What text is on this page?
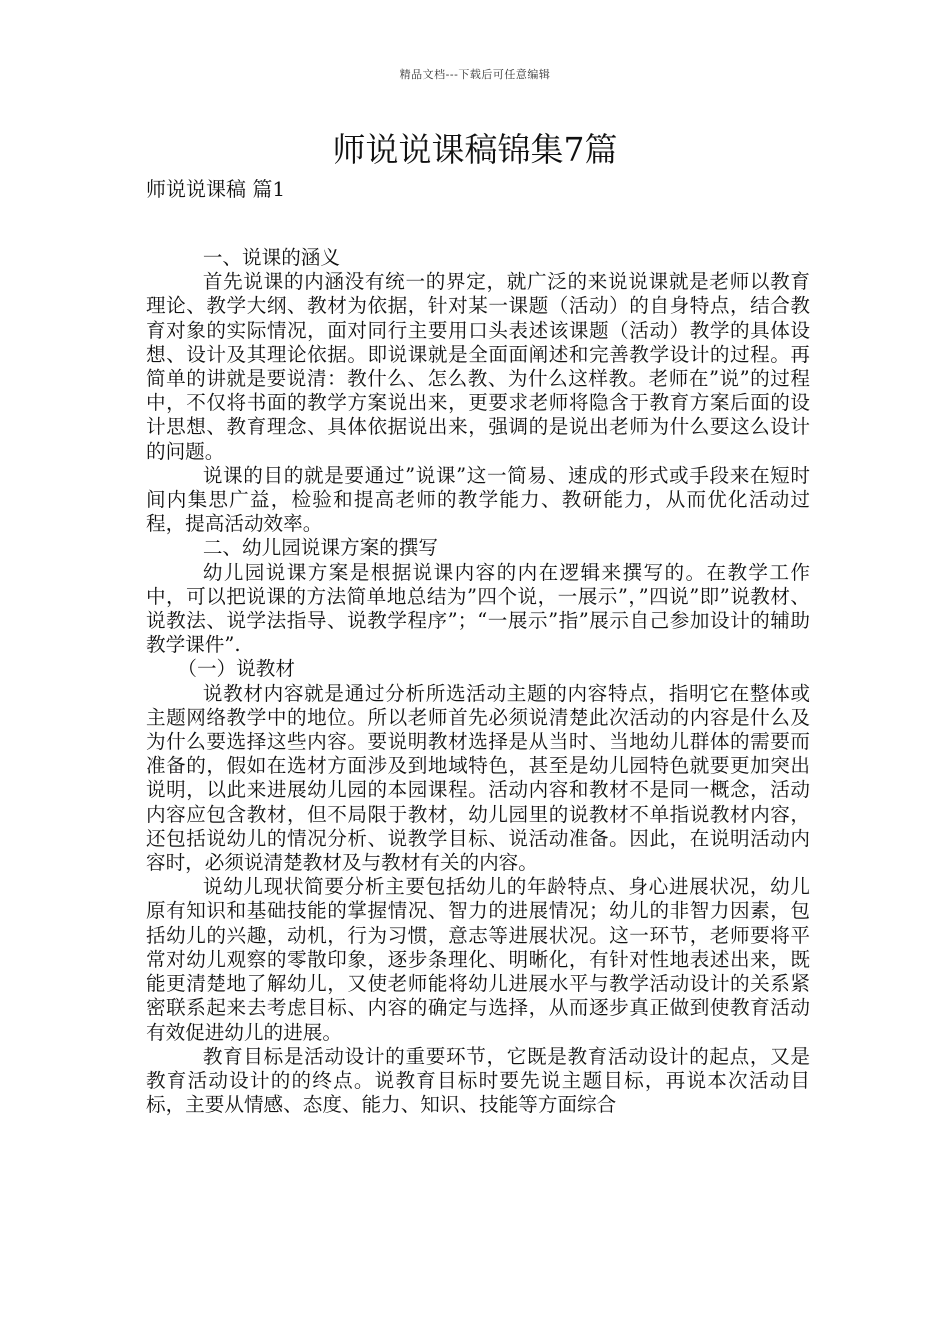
精品文档---下载后可任意编辑
师说说课稿锦集7篇
师说说课稿 篇1

一、说课的涵义

首先说课的内涵没有统一的界定，就广泛的来说说课就是老师以教育理论、教学大纲、教材为依据，针对某一课题（活动）的自身特点，结合教育对象的实际情况，面对同行主要用口头表述该课题（活动）教学的具体设想、设计及其理论依据。即说课就是全面面阐述和完善教学设计的过程。再简单的讲就是要说清：教什么、怎么教、为什么这样教。老师在”说”的过程中，不仅将书面的教学方案说出来，更要求老师将隐含于教育方案后面的设计思想、教育理念、具体依据说出来，强调的是说出老师为什么要这么设计的问题。

说课的目的就是要通过”说课”这一简易、速成的形式或手段来在短时间内集思广益，检验和提高老师的教学能力、教研能力，从而优化活动过程，提高活动效率。

二、幼儿园说课方案的撰写

幼儿园说课方案是根据说课内容的内在逻辑来撰写的。在教学工作中，可以把说课的方法简单地总结为”四个说，一展示”，”四说”即”说教材、说教法、说学法指导、说教学程序”；“一展示”指”展示自己参加设计的辅助教学课件”.

（一）说教材

说教材内容就是通过分析所选活动主题的内容特点，指明它在整体或主题网络教学中的地位。所以老师首先必须说清楚此次活动的内容是什么及为什么要选择这些内容。要说明教材选择是从当时、当地幼儿群体的需要而准备的，假如在选材方面涉及到地域特色，甚至是幼儿园特色就要更加突出说明，以此来进展幼儿园的本园课程。活动内容和教材不是同一概念，活动内容应包含教材，但不局限于教材，幼儿园里的说教材不单指说教材内容，还包括说幼儿的情况分析、说教学目标、说活动准备。因此，在说明活动内容时，必须说清楚教材及与教材有关的内容。

说幼儿现状简要分析主要包括幼儿的年龄特点、身心进展状况，幼儿原有知识和基础技能的掌握情况、智力的进展情况；幼儿的非智力因素，包括幼儿的兴趣，动机，行为习惯，意志等进展状况。这一环节，老师要将平常对幼儿观察的零散印象，逐步条理化、明晰化，有针对性地表述出来，既能更清楚地了解幼儿，又使老师能将幼儿进展水平与教学活动设计的关系紧密联系起来去考虑目标、内容的确定与选择，从而逐步真正做到使教育活动有效促进幼儿的进展。

教育目标是活动设计的重要环节，它既是教育活动设计的起点，又是教育活动设计的的终点。说教育目标时要先说主题目标，再说本次活动目标，主要从情感、态度、能力、知识、技能等方面综合
